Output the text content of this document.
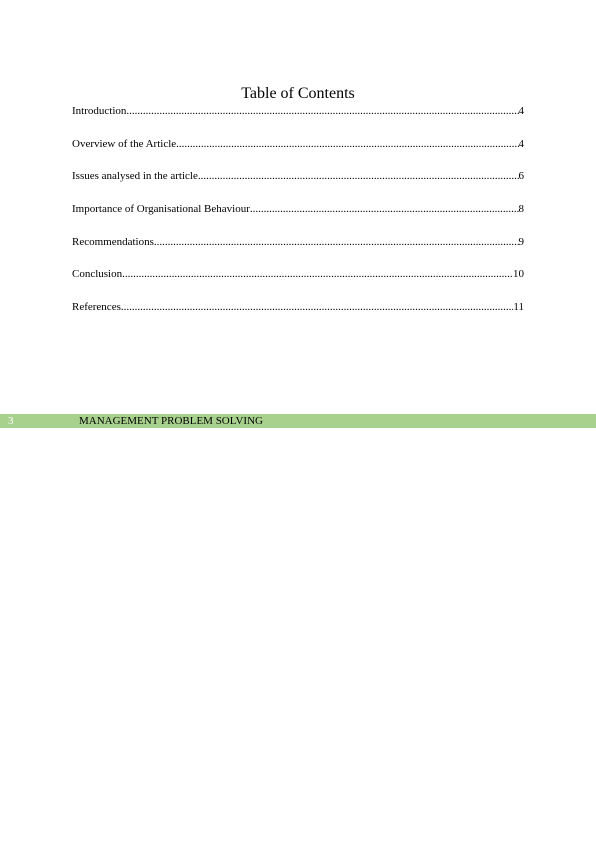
Table of Contents
Introduction .....	4
Overview of the Article .....	4
Issues analysed in the article .....	6
Importance of Organisational Behaviour .....	8
Recommendations .....	9
Conclusion .....	10
References .....	11
3	MANAGEMENT PROBLEM SOLVING
